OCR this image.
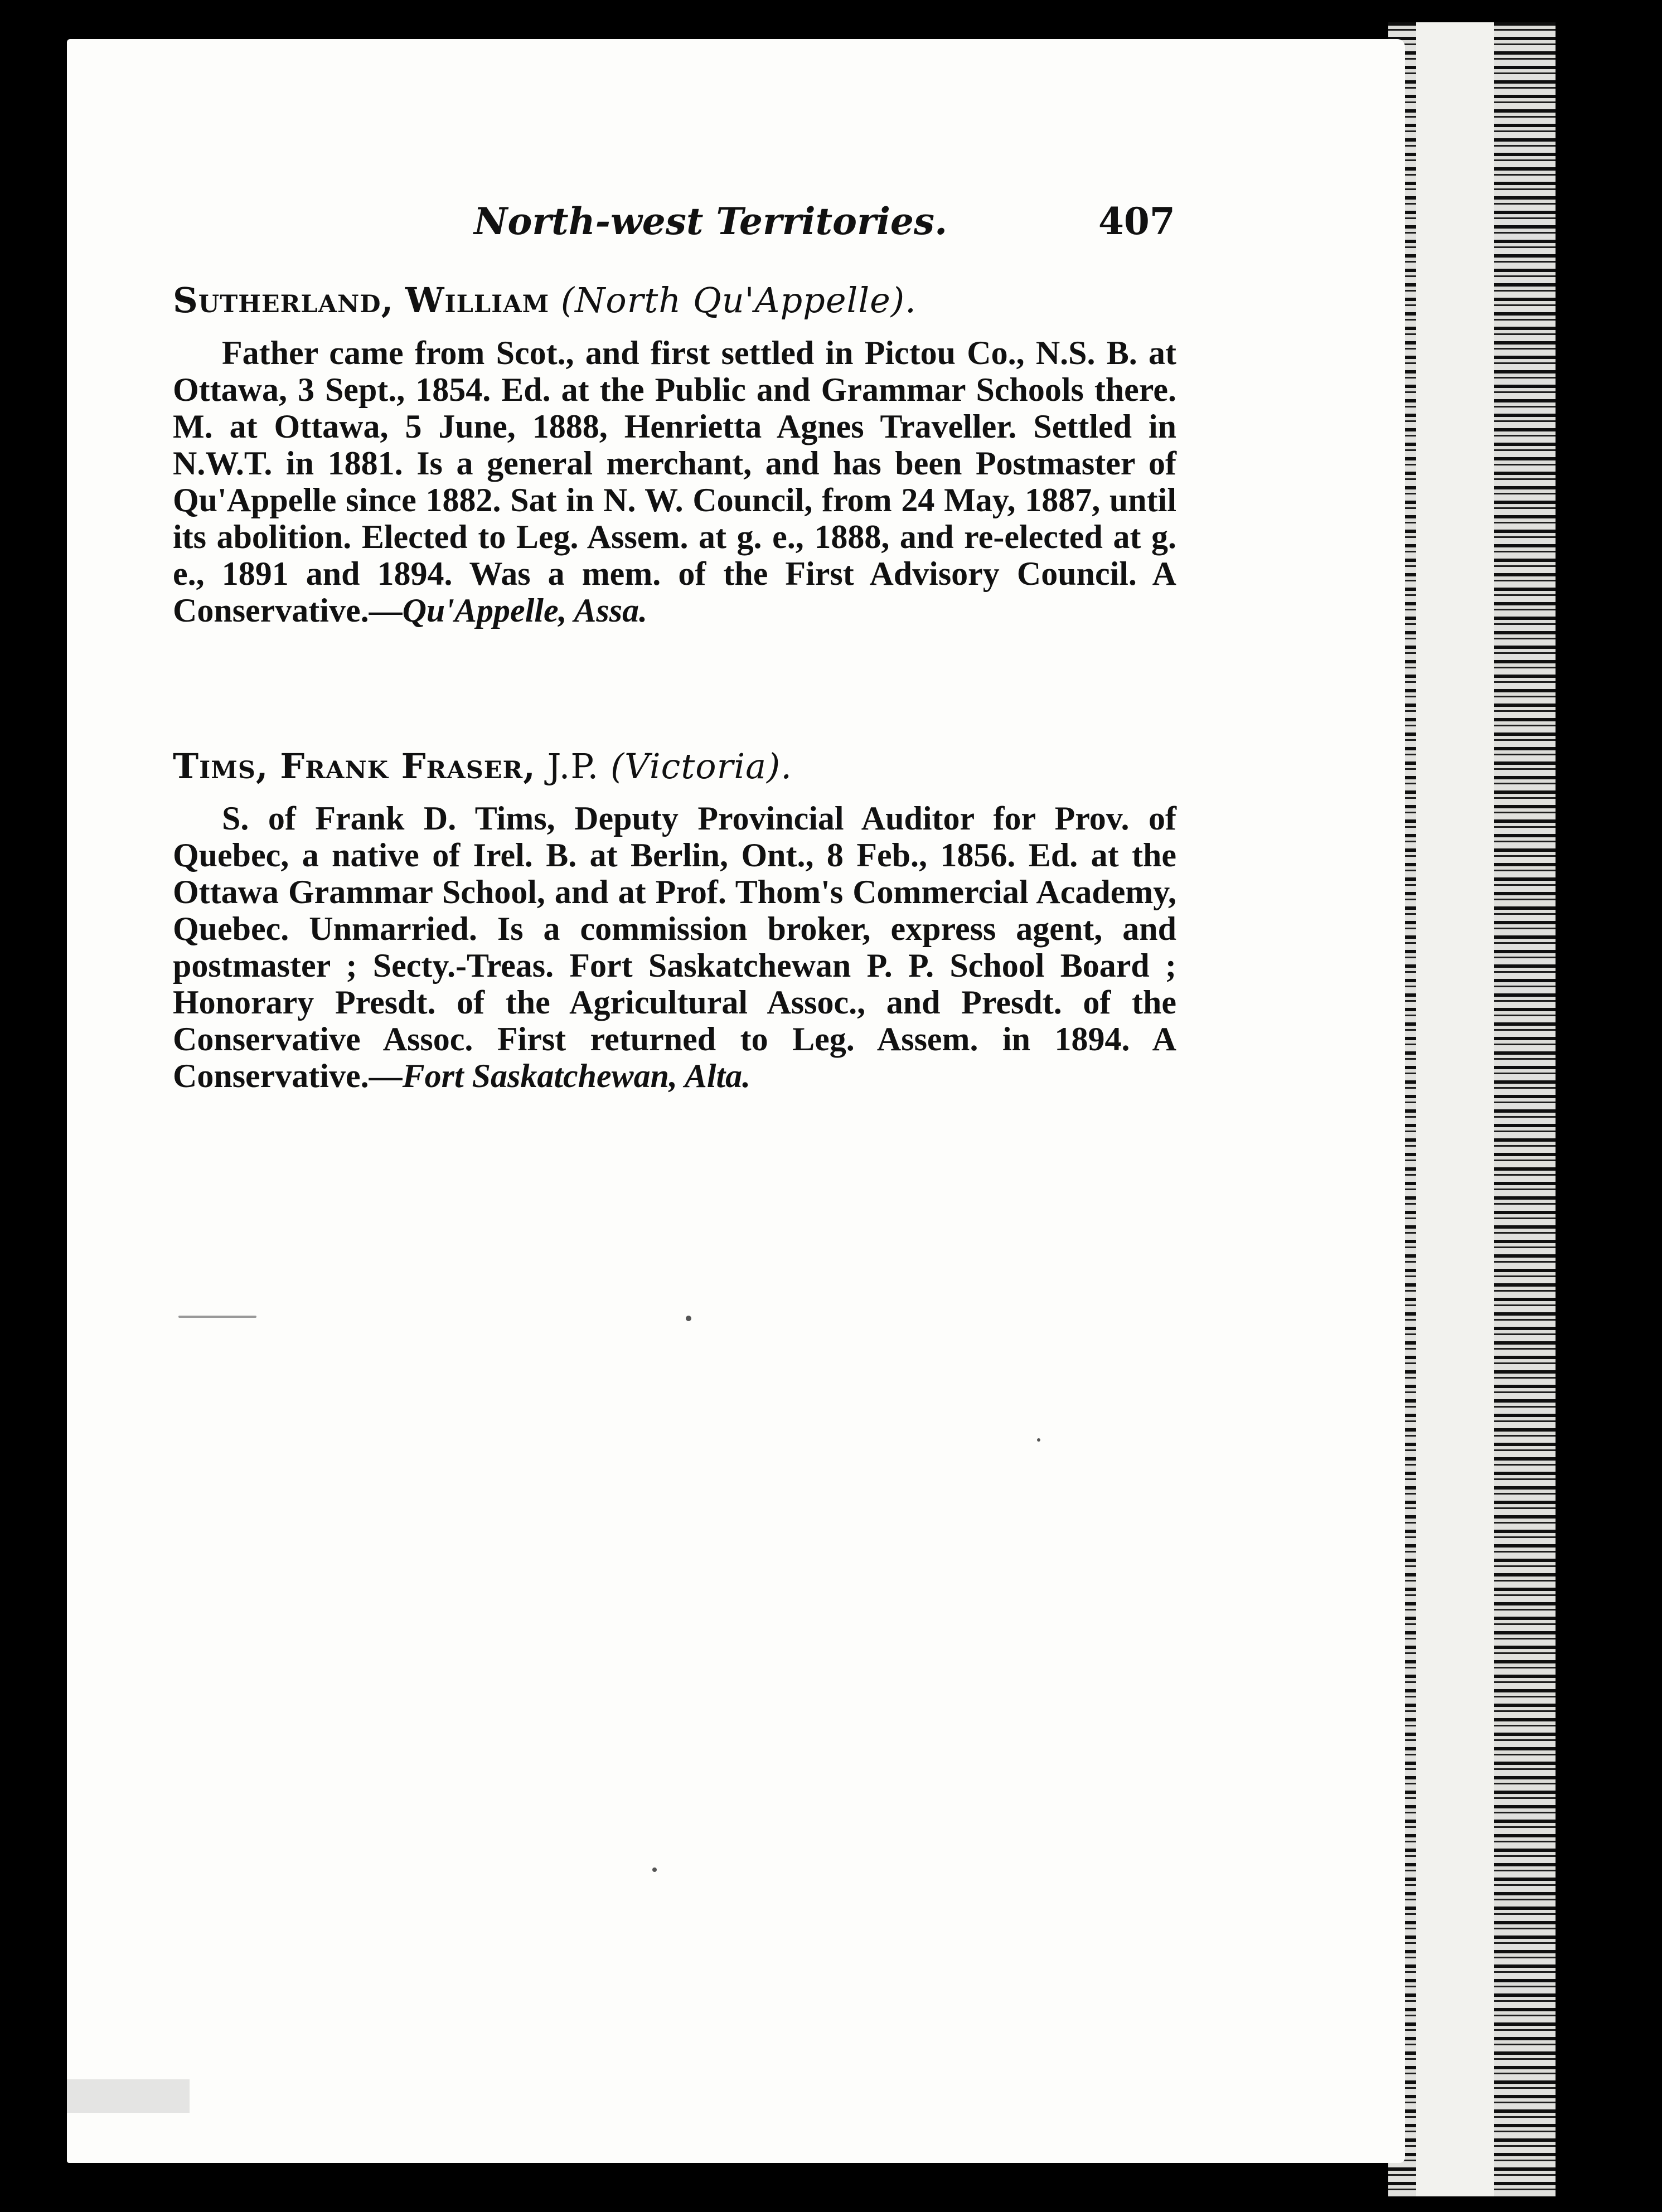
North-west Territories.	407
Sutherland, William (North Qu'Appelle).

Father came from Scot., and first settled in Pictou Co., N.S. B. at Ottawa, 3 Sept., 1854. Ed. at the Public and Grammar Schools there. M. at Ottawa, 5 June, 1888, Henrietta Agnes Traveller. Settled in N.W.T. in 1881. Is a general merchant, and has been Postmaster of Qu'Appelle since 1882. Sat in N. W. Council, from 24 May, 1887, until its abolition. Elected to Leg. Assem. at g. e., 1888, and re-elected at g. e., 1891 and 1894. Was a mem. of the First Advisory Council. A Conservative.—Qu'Appelle, Assa.

Tims, Frank Fraser, J.P. (Victoria).

S. of Frank D. Tims, Deputy Provincial Auditor for Prov. of Quebec, a native of Irel. B. at Berlin, Ont., 8 Feb., 1856. Ed. at the Ottawa Grammar School, and at Prof. Thom's Commercial Academy, Quebec. Unmarried. Is a commission broker, express agent, and postmaster ; Secty.-Treas. Fort Saskatchewan P. P. School Board ; Honorary Presdt. of the Agricultural Assoc., and Presdt. of the Conservative Assoc. First returned to Leg. Assem. in 1894. A Conservative.—Fort Saskatchewan, Alta.
